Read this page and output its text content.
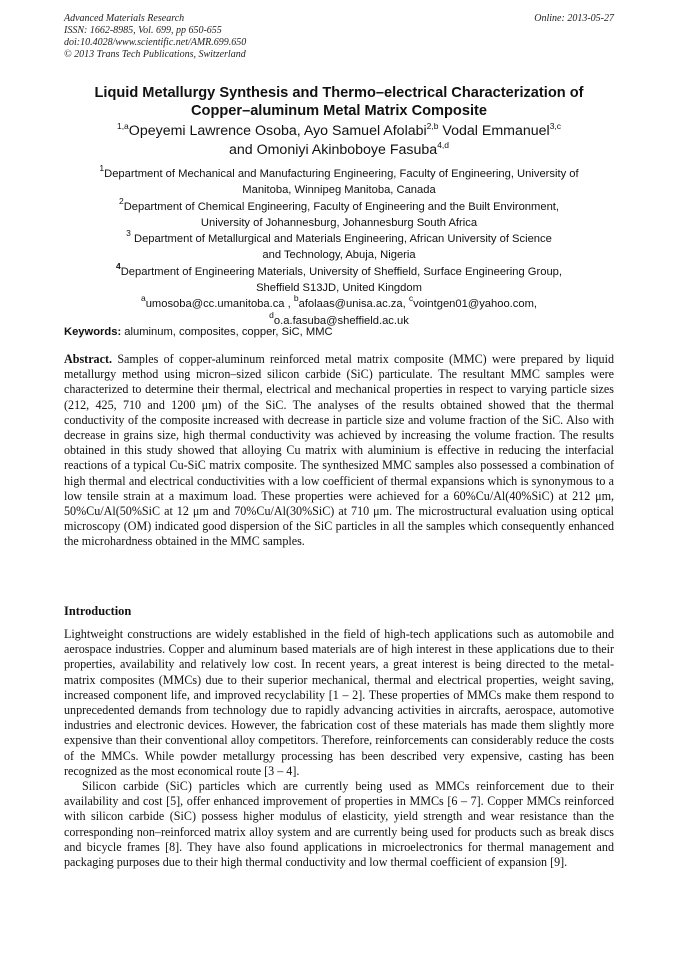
Advanced Materials Research
ISSN: 1662-8985, Vol. 699, pp 650-655
doi:10.4028/www.scientific.net/AMR.699.650
© 2013 Trans Tech Publications, Switzerland
Online: 2013-05-27
Liquid Metallurgy Synthesis and Thermo–electrical Characterization of
Copper–aluminum Metal Matrix Composite
$^{1,a}$Opeyemi Lawrence Osoba, Ayo Samuel Afolabi$^{2,b}$ Vodal Emmanuel$^{3,c}$
and Omoniyi Akinboboye Fasuba$^{4,d}$
$^1$Department of Mechanical and Manufacturing Engineering, Faculty of Engineering, University of
Manitoba, Winnipeg Manitoba, Canada
$^2$Department of Chemical Engineering, Faculty of Engineering and the Built Environment,
University of Johannesburg, Johannesburg South Africa
$^3$ Department of Metallurgical and Materials Engineering, African University of Science
and Technology, Abuja, Nigeria
$^4$Department of Engineering Materials, University of Sheffield, Surface Engineering Group,
Sheffield S13JD, United Kingdom
$^a$umosoba@cc.umanitoba.ca , $^b$afolaas@unisa.ac.za, $^c$vointgen01@yahoo.com,
$^d$o.a.fasuba@sheffield.ac.uk
Keywords: aluminum, composites, copper, SiC, MMC
Abstract. Samples of copper-aluminum reinforced metal matrix composite (MMC) were prepared by liquid metallurgy method using micron–sized silicon carbide (SiC) particulate. The resultant MMC samples were characterized to determine their thermal, electrical and mechanical properties in respect to varying particle sizes (212, 425, 710 and 1200 μm) of the SiC. The analyses of the results obtained showed that the thermal conductivity of the composite increased with decrease in particle size and volume fraction of the SiC. Also with decrease in grains size, high thermal conductivity was achieved by increasing the volume fraction. The results obtained in this study showed that alloying Cu matrix with aluminium is effective in reducing the interfacial reactions of a typical Cu-SiC matrix composite. The synthesized MMC samples also possessed a combination of high thermal and electrical conductivities with a low coefficient of thermal expansions which is synonymous to a low tensile strain at a maximum load. These properties were achieved for a 60%Cu/Al(40%SiC) at 212 μm, 50%Cu/Al(50%SiC at 12 μm and 70%Cu/Al(30%SiC) at 710 μm. The microstructural evaluation using optical microscopy (OM) indicated good dispersion of the SiC particles in all the samples which consequently enhanced the microhardness obtained in the MMC samples.
Introduction

Lightweight constructions are widely established in the field of high-tech applications such as automobile and aerospace industries. Copper and aluminum based materials are of high interest in these applications due to their properties, availability and relatively low cost. In recent years, a great interest is being directed to the metal-matrix composites (MMCs) due to their superior mechanical, thermal and electrical properties, weight saving, increased component life, and improved recyclability [1 – 2]. These properties of MMCs make them respond to unprecedented demands from technology due to rapidly advancing activities in aircrafts, aerospace, automotive industries and electronic devices. However, the fabrication cost of these materials has made them slightly more expensive than their conventional alloy competitors. Therefore, reinforcements can considerably reduce the costs of the MMCs. While powder metallurgy processing has been described very expensive, casting has been recognized as the most economical route [3 – 4].

Silicon carbide (SiC) particles which are currently being used as MMCs reinforcement due to their availability and cost [5], offer enhanced improvement of properties in MMCs [6 – 7]. Copper MMCs reinforced with silicon carbide (SiC) possess higher modulus of elasticity, yield strength and wear resistance than the corresponding non–reinforced matrix alloy system and are currently being used for products such as break discs and bicycle frames [8]. They have also found applications in microelectronics for thermal management and packaging purposes due to their high thermal conductivity and low thermal coefficient of expansion [9].
